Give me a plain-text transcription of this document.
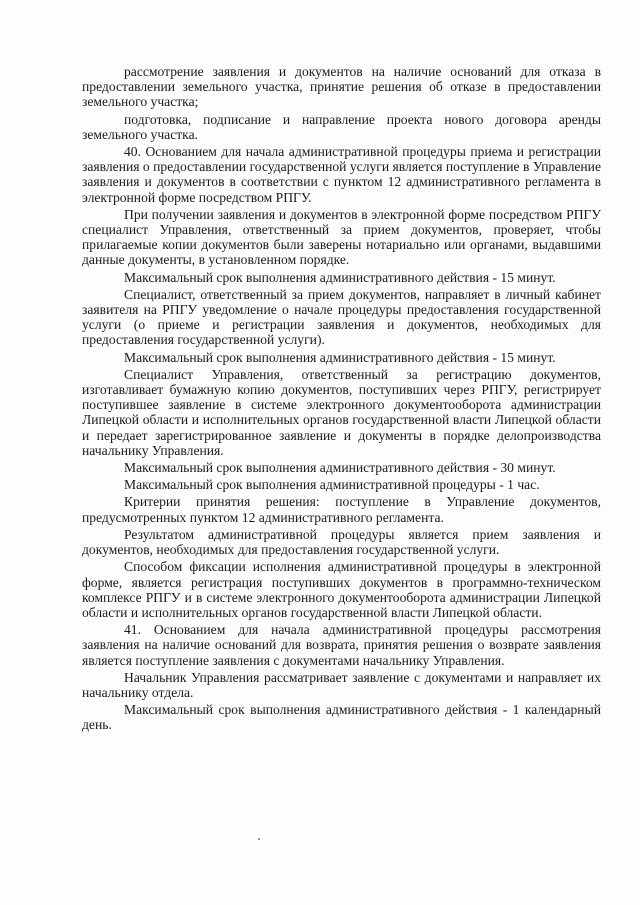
рассмотрение заявления и документов на наличие оснований для отказа в предоставлении земельного участка, принятие решения об отказе в предоставлении земельного участка;

подготовка, подписание и направление проекта нового договора аренды земельного участка.

40. Основанием для начала административной процедуры приема и регистрации заявления о предоставлении государственной услуги является поступление в Управление заявления и документов в соответствии с пунктом 12 административного регламента в электронной форме посредством РПГУ.

При получении заявления и документов в электронной форме посредством РПГУ специалист Управления, ответственный за прием документов, проверяет, чтобы прилагаемые копии документов были заверены нотариально или органами, выдавшими данные документы, в установленном порядке.

Максимальный срок выполнения административного действия - 15 минут.

Специалист, ответственный за прием документов, направляет в личный кабинет заявителя на РПГУ уведомление о начале процедуры предоставления государственной услуги (о приеме и регистрации заявления и документов, необходимых для предоставления государственной услуги).

Максимальный срок выполнения административного действия - 15 минут.

Специалист Управления, ответственный за регистрацию документов, изготавливает бумажную копию документов, поступивших через РПГУ, регистрирует поступившее заявление в системе электронного документооборота администрации Липецкой области и исполнительных органов государственной власти Липецкой области и передает зарегистрированное заявление и документы в порядке делопроизводства начальнику Управления.

Максимальный срок выполнения административного действия - 30 минут.

Максимальный срок выполнения административной процедуры - 1 час.

Критерии принятия решения: поступление в Управление документов, предусмотренных пунктом 12 административного регламента.

Результатом административной процедуры является прием заявления и документов, необходимых для предоставления государственной услуги.

Способом фиксации исполнения административной процедуры в электронной форме, является регистрация поступивших документов в программно-техническом комплексе РПГУ и в системе электронного документооборота администрации Липецкой области и исполнительных органов государственной власти Липецкой области.

41. Основанием для начала административной процедуры рассмотрения заявления на наличие оснований для возврата, принятия решения о возврате заявления является поступление заявления с документами начальнику Управления.

Начальник Управления рассматривает заявление с документами и направляет их начальнику отдела.

Максимальный срок выполнения административного действия - 1 календарный день.
